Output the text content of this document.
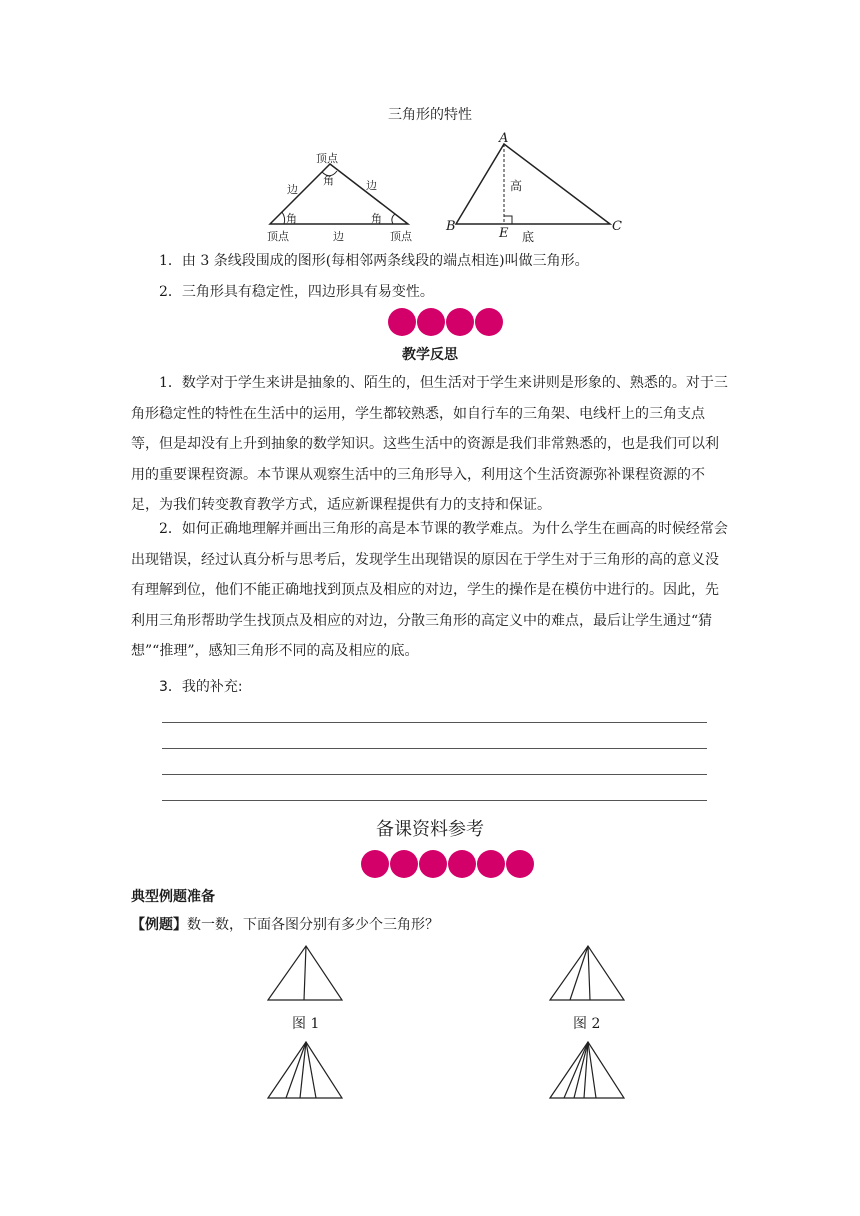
三角形的特性
顶点
角
边	边
角	角
顶点	边	顶点
A
高
B	E 底
C

1．由 3 条线段围成的图形(每相邻两条线段的端点相连)叫做三角形。

2．三角形具有稳定性，四边形具有易变性。

教学反思

1．数学对于学生来讲是抽象的、陌生的，但生活对于学生来讲则是形象的、熟悉的。对于三角形稳定性的特性在生活中的运用，学生都较熟悉，如自行车的三角架、电线杆上的三角支点等，但是却没有上升到抽象的数学知识。这些生活中的资源是我们非常熟悉的，也是我们可以利用的重要课程资源。本节课从观察生活中的三角形导入，利用这个生活资源弥补课程资源的不足，为我们转变教育教学方式，适应新课程提供有力的支持和保证。

2．如何正确地理解并画出三角形的高是本节课的教学难点。为什么学生在画高的时候经常会出现错误，经过认真分析与思考后，发现学生出现错误的原因在于学生对于三角形的高的意义没有理解到位，他们不能正确地找到顶点及相应的对边，学生的操作是在模仿中进行的。因此，先利用三角形帮助学生找顶点及相应的对边，分散三角形的高定义中的难点，最后让学生通过“猜想”“推理”，感知三角形不同的高及相应的底。

3．我的补充:
备课资料参考
典型例题准备
【例题】数一数，下面各图分别有多少个三角形？
图 1	图 2
